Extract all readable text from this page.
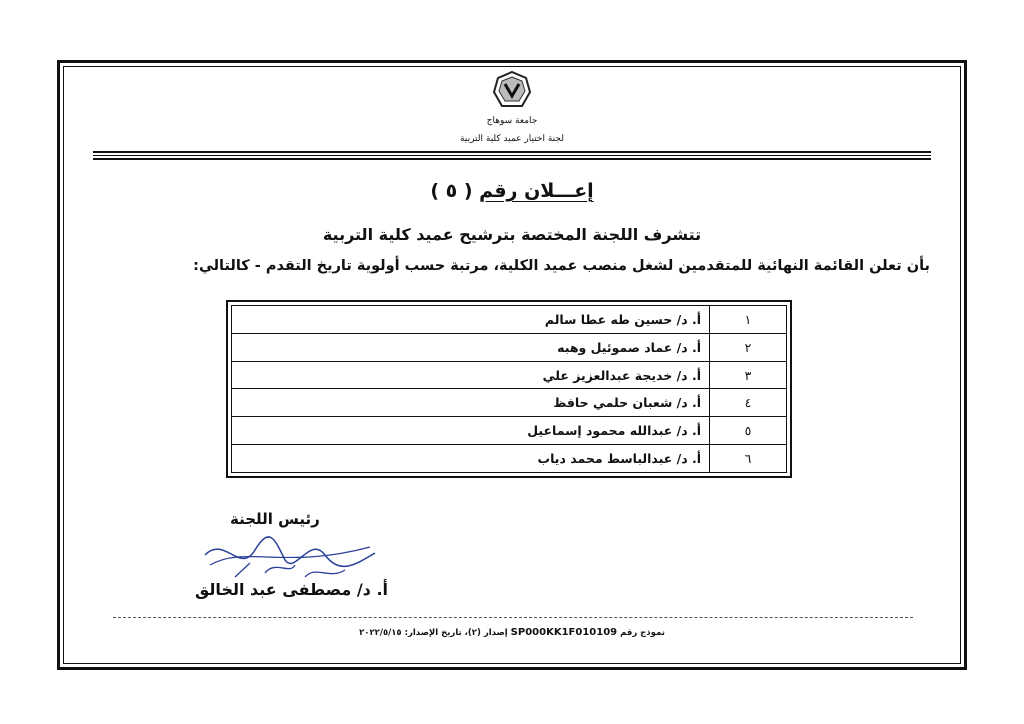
جامعة سوهاج
لجنة اختيار عميد كلية التربية
إعـــلان رقم ( ٥ )
تتشرف اللجنة المختصة بترشيح عميد كلية التربية
بأن تعلن القائمة النهائية للمتقدمين لشغل منصب عميد الكلية، مرتبة حسب أولوية تاريخ التقدم - كالتالي:
١	أ. د/ حسين طه عطا سالم
٢	أ. د/ عماد صموئيل وهبه
٣	أ. د/ خديجة عبدالعزيز علي
٤	أ. د/ شعبان حلمي حافظ
٥	أ. د/ عبدالله محمود إسماعيل
٦	أ. د/ عبدالباسط محمد دياب
رئيس اللجنة
أ. د/ مصطفى عبد الخالق
نموذج رقم SP000KK1F010109 إصدار (٢)، تاريخ الإصدار: ٢٠٢٢/٥/١٥
